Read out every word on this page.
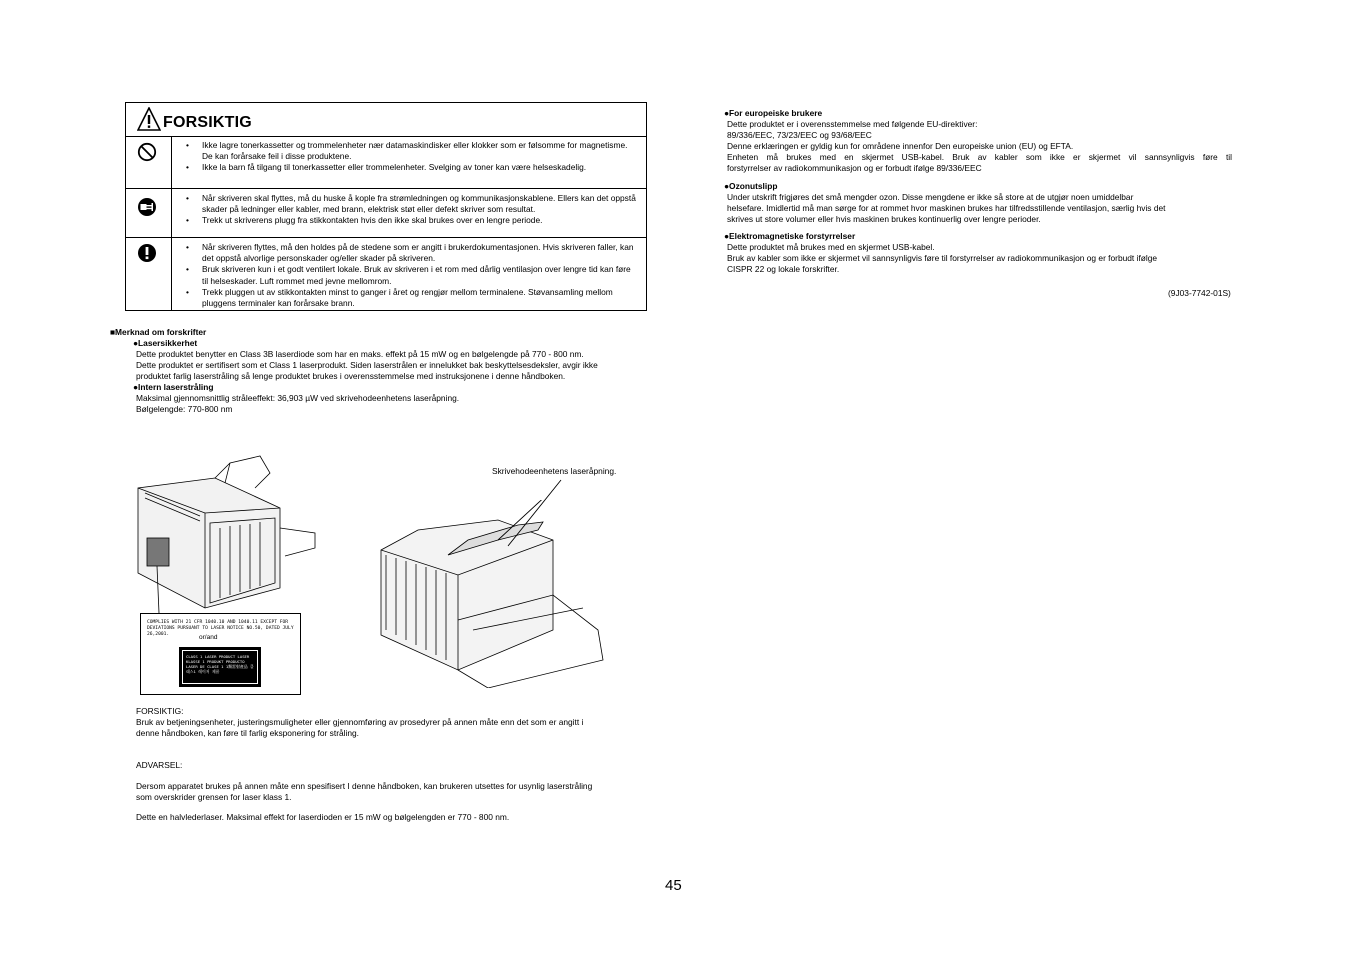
FORSIKTIG
• Ikke lagre tonerkassetter og trommelenheter nær datamaskindisker eller klokker som er følsomme for magnetisme. De kan forårsake feil i disse produktene.
• Ikke la barn få tilgang til tonerkassetter eller trommelenheter. Svelging av toner kan være helseskadelig.
• Når skriveren skal flyttes, må du huske å kople fra strømledningen og kommunikasjonskablene. Ellers kan det oppstå skader på ledninger eller kabler, med brann, elektrisk støt eller defekt skriver som resultat.
• Trekk ut skriverens plugg fra stikkontakten hvis den ikke skal brukes over en lengre periode.
• Når skriveren flyttes, må den holdes på de stedene som er angitt i brukerdokumentasjonen. Hvis skriveren faller, kan det oppstå alvorlige personskader og/eller skader på skriveren.
• Bruk skriveren kun i et godt ventilert lokale. Bruk av skriveren i et rom med dårlig ventilasjon over lengre tid kan føre til helseskader. Luft rommet med jevne mellomrom.
• Trekk pluggen ut av stikkontakten minst to ganger i året og rengjør mellom terminalene. Støvansamling mellom pluggens terminaler kan forårsake brann.
■Merknad om forskrifter
●Lasersikkerhet
Dette produktet benytter en Class 3B laserdiode som har en maks. effekt på 15 mW og en bølgelengde på 770 - 800 nm.
Dette produktet er sertifisert som et Class 1 laserprodukt. Siden laserstrålen er innelukket bak beskyttelsesdeksler, avgir ikke
produktet farlig laserstråling så lenge produktet brukes i overensstemmelse med instruksjonene i denne håndboken.
●Intern laserstråling
Maksimal gjennomsnittlig stråleeffekt: 36,903 µW ved skrivehodeenhetens laseråpning.
Bølgelengde: 770-800 nm
Skrivehodeenhetens laseråpning.
COMPLIES WITH 21 CFR 1040.10 AND 1040.11 EXCEPT FOR DEVIATIONS PURSUANT TO LASER NOTICE NO.50, DATED JULY 26,2001.	or/and
CLASS 1 LASER PRODUCT LASER KLASSE 1 PRODUKT PRODUCTO LASER DE CLASE 1 1類雷射產品 클래스1 레이저 제품
FORSIKTIG:
Bruk av betjeningsenheter, justeringsmuligheter eller gjennomføring av prosedyrer på annen måte enn det som er angitt i
denne håndboken, kan føre til farlig eksponering for stråling.
ADVARSEL:
Dersom apparatet brukes på annen måte enn spesifisert I denne håndboken, kan brukeren utsettes for usynlig laserstråling
som overskrider grensen for laser klass 1.
Dette en halvlederlaser. Maksimal effekt for laserdioden er 15 mW og bølgelengden er 770 - 800 nm.
●For europeiske brukere
Dette produktet er i overensstemmelse med følgende EU-direktiver:
89/336/EEC, 73/23/EEC og 93/68/EEC
Denne erklæringen er gyldig kun for områdene innenfor Den europeiske union (EU) og EFTA.
Enheten må brukes med en skjermet USB-kabel. Bruk av kabler som ikke er skjermet vil sannsynligvis føre til
forstyrrelser av radiokommunikasjon og er forbudt ifølge 89/336/EEC
●Ozonutslipp
Under utskrift frigjøres det små mengder ozon. Disse mengdene er ikke så store at de utgjør noen umiddelbar
helsefare. Imidlertid må man sørge for at rommet hvor maskinen brukes har tilfredsstillende ventilasjon, særlig hvis det
skrives ut store volumer eller hvis maskinen brukes kontinuerlig over lengre perioder.
●Elektromagnetiske forstyrrelser
Dette produktet må brukes med en skjermet USB-kabel.
Bruk av kabler som ikke er skjermet vil sannsynligvis føre til forstyrrelser av radiokommunikasjon og er forbudt ifølge
CISPR 22 og lokale forskrifter.
(9J03-7742-01S)
45
